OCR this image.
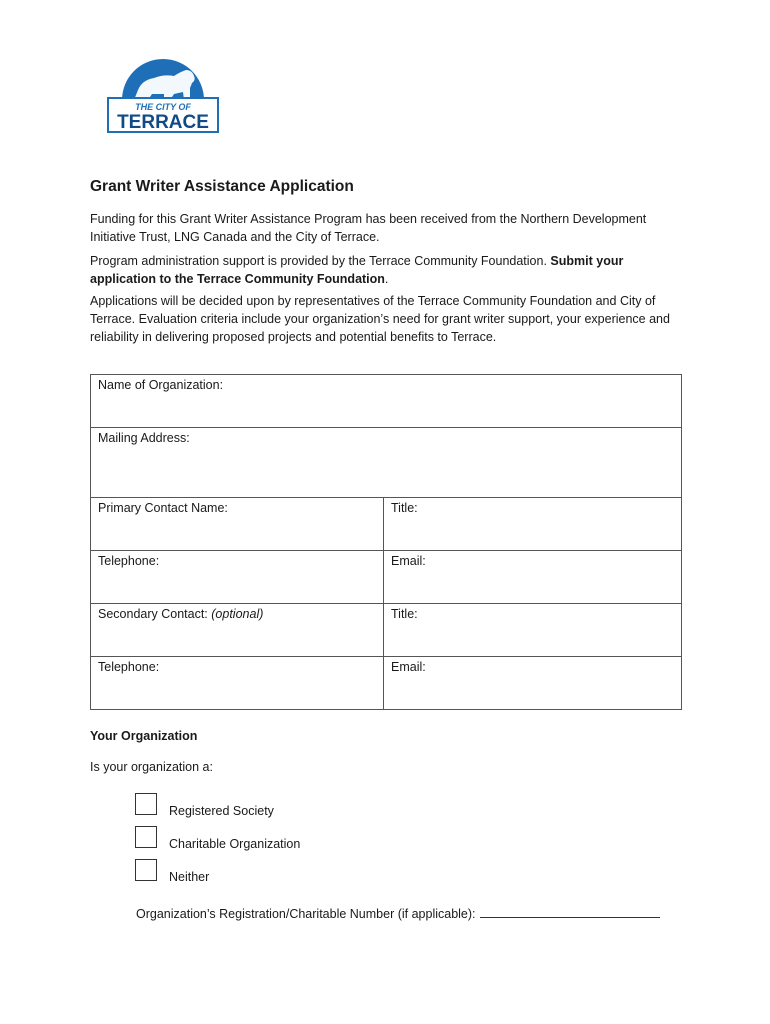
THE CITY OF
TERRACE
Grant Writer Assistance Application

Funding for this Grant Writer Assistance Program has been received from the Northern Development Initiative Trust, LNG Canada and the City of Terrace.

Program administration support is provided by the Terrace Community Foundation. Submit your application to the Terrace Community Foundation.

Applications will be decided upon by representatives of the Terrace Community Foundation and City of Terrace. Evaluation criteria include your organization’s need for grant writer support, your experience and reliability in delivering proposed projects and potential benefits to Terrace.

Name of Organization:	
Mailing Address:	
Primary Contact Name:	Title:
Telephone:	Email:
Secondary Contact: (optional)	Title:
Telephone:	Email:
Your Organization

Is your organization a:

Registered Society
Charitable Organization
Neither
Organization’s Registration/Charitable Number (if applicable):
